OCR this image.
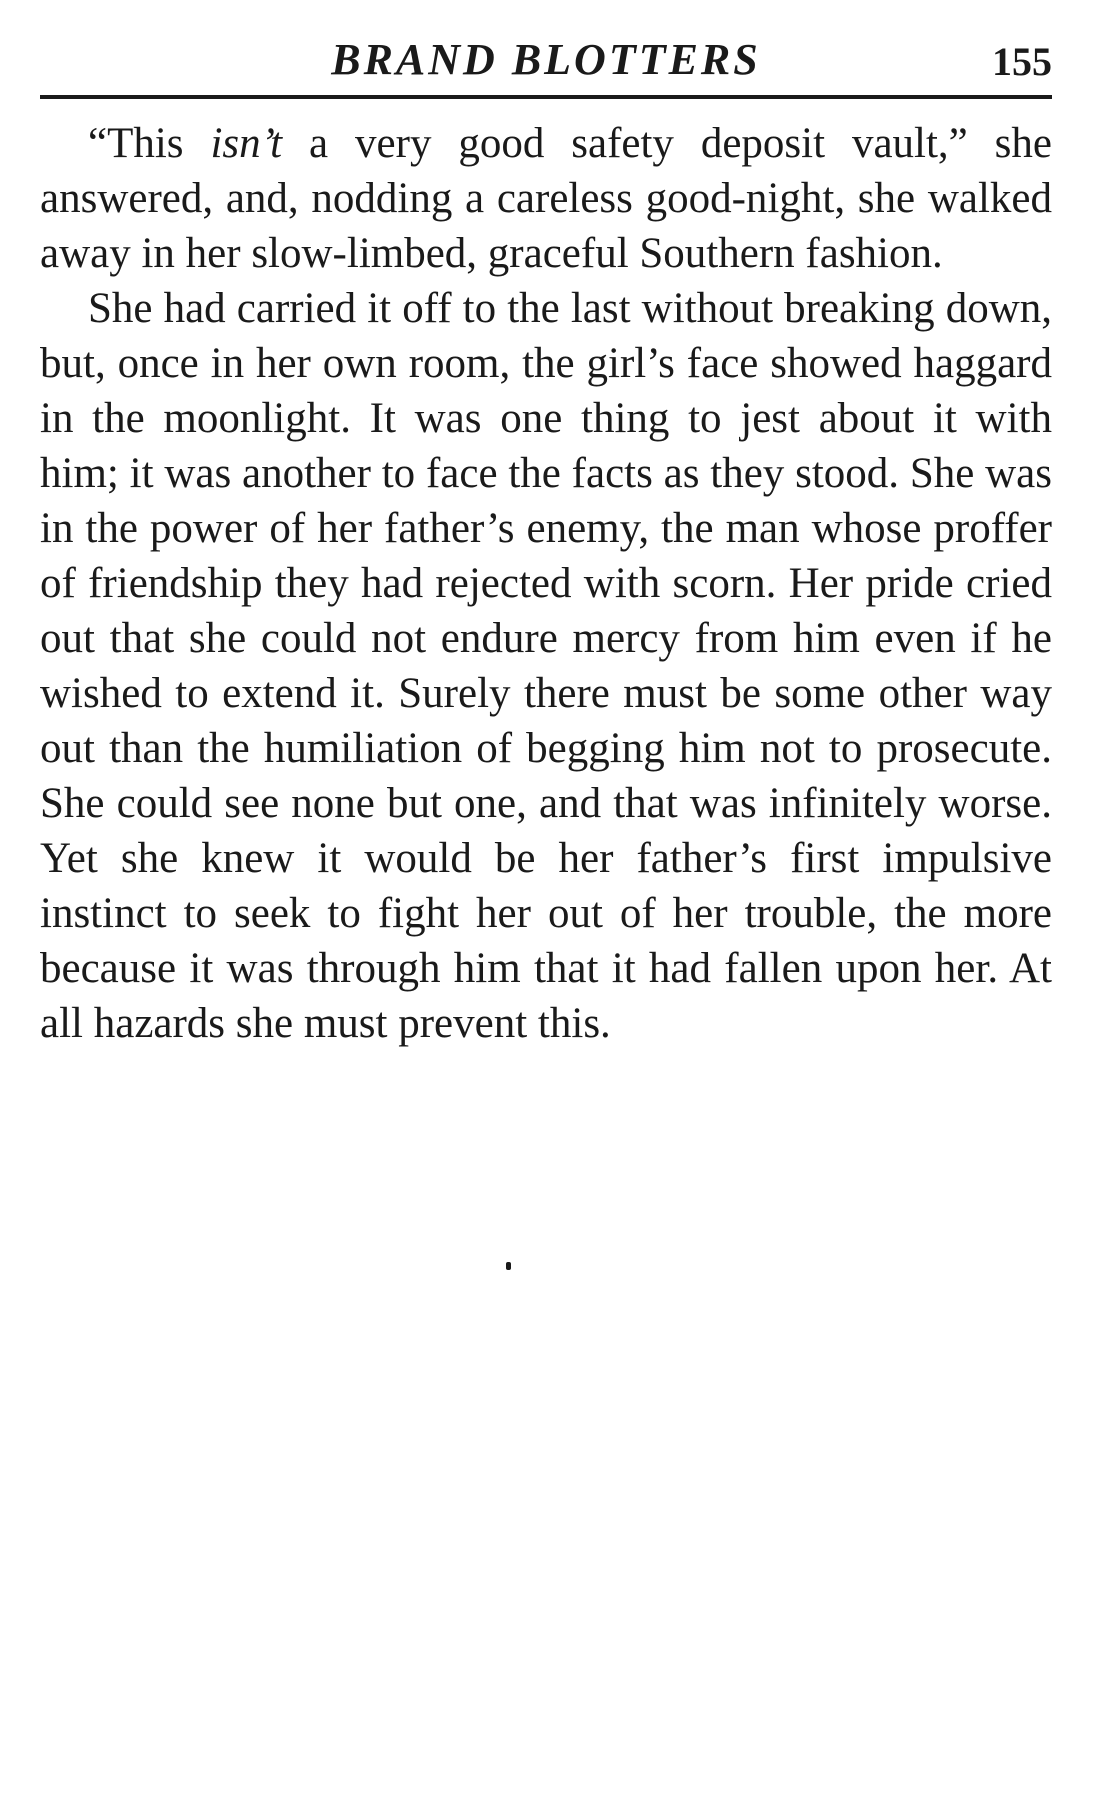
BRAND BLOTTERS	155

“This isn’t a very good safety deposit vault,” she answered, and, nodding a careless good-night, she walked away in her slow-limbed, graceful Southern fashion.

She had carried it off to the last without breaking down, but, once in her own room, the girl’s face showed haggard in the moonlight. It was one thing to jest about it with him; it was another to face the facts as they stood. She was in the power of her father’s enemy, the man whose proffer of friendship they had rejected with scorn. Her pride cried out that she could not endure mercy from him even if he wished to extend it. Surely there must be some other way out than the humiliation of begging him not to prosecute. She could see none but one, and that was infinitely worse. Yet she knew it would be her father’s first impulsive instinct to seek to fight her out of her trouble, the more because it was through him that it had fallen upon her. At all hazards she must prevent this.
